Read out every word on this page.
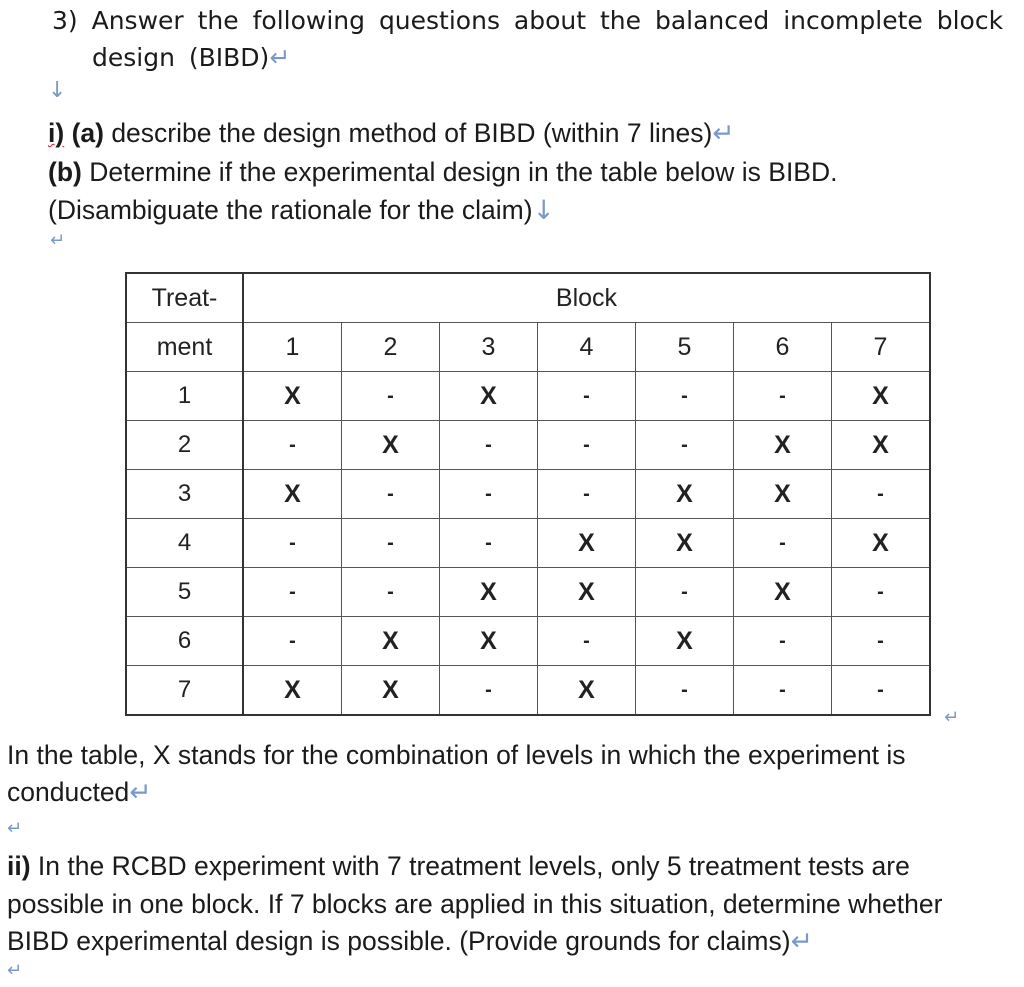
3) Answer the following questions about the balanced incomplete block
design (BIBD)↵
↓
i) (a) describe the design method of BIBD (within 7 lines)↵
(b) Determine if the experimental design in the table below is BIBD.
(Disambiguate the rationale for the claim)↓
↵
Treat-	Block						
ment	1	2	3	4	5	6	7
1	X	-	X	-	-	-	X
2	-	X	-	-	-	X	X
3	X	-	-	-	X	X	-
4	-	-	-	X	X	-	X
5	-	-	X	X	-	X	-
6	-	X	X	-	X	-	-
7	X	X	-	X	-	-	-
↵
In the table, X stands for the combination of levels in which the experiment is
conducted↵
↵
ii) In the RCBD experiment with 7 treatment levels, only 5 treatment tests are
possible in one block. If 7 blocks are applied in this situation, determine whether
BIBD experimental design is possible. (Provide grounds for claims)↵
↵
